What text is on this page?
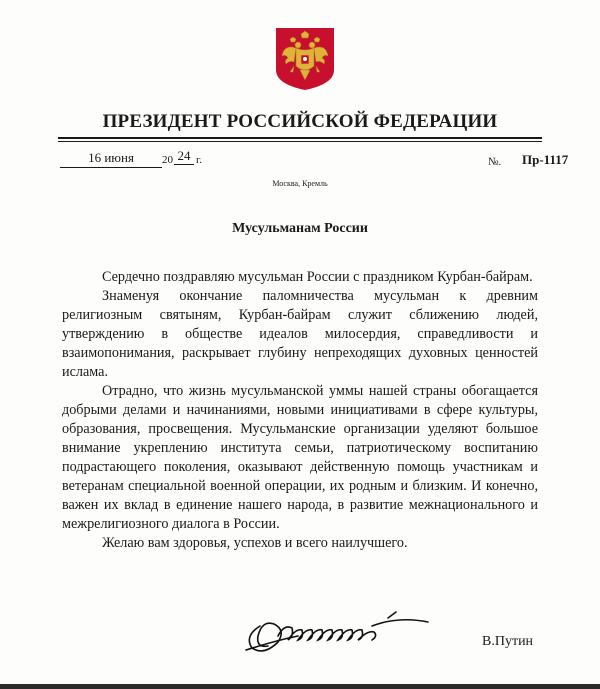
ПРЕЗИДЕНТ РОССИЙСКОЙ ФЕДЕРАЦИИ
16 июня	20 24 г.	№. Пр-1117
Москва, Кремль
Мусульманам России

Сердечно поздравляю мусульман России с праздником Курбан-байрам.

Знаменуя окончание паломничества мусульман к древним религиозным святыням, Курбан-байрам служит сближению людей, утверждению в обществе идеалов милосердия, справедливости и взаимопонимания, раскрывает глубину непреходящих духовных ценностей ислама.

Отрадно, что жизнь мусульманской уммы нашей страны обогащается добрыми делами и начинаниями, новыми инициативами в сфере культуры, образования, просвещения. Мусульманские организации уделяют большое внимание укреплению института семьи, патриотическому воспитанию подрастающего поколения, оказывают действенную помощь участникам и ветеранам специальной военной операции, их родным и близким. И конечно, важен их вклад в единение нашего народа, в развитие межнационального и межрелигиозного диалога в России.

Желаю вам здоровья, успехов и всего наилучшего.

В.Путин
